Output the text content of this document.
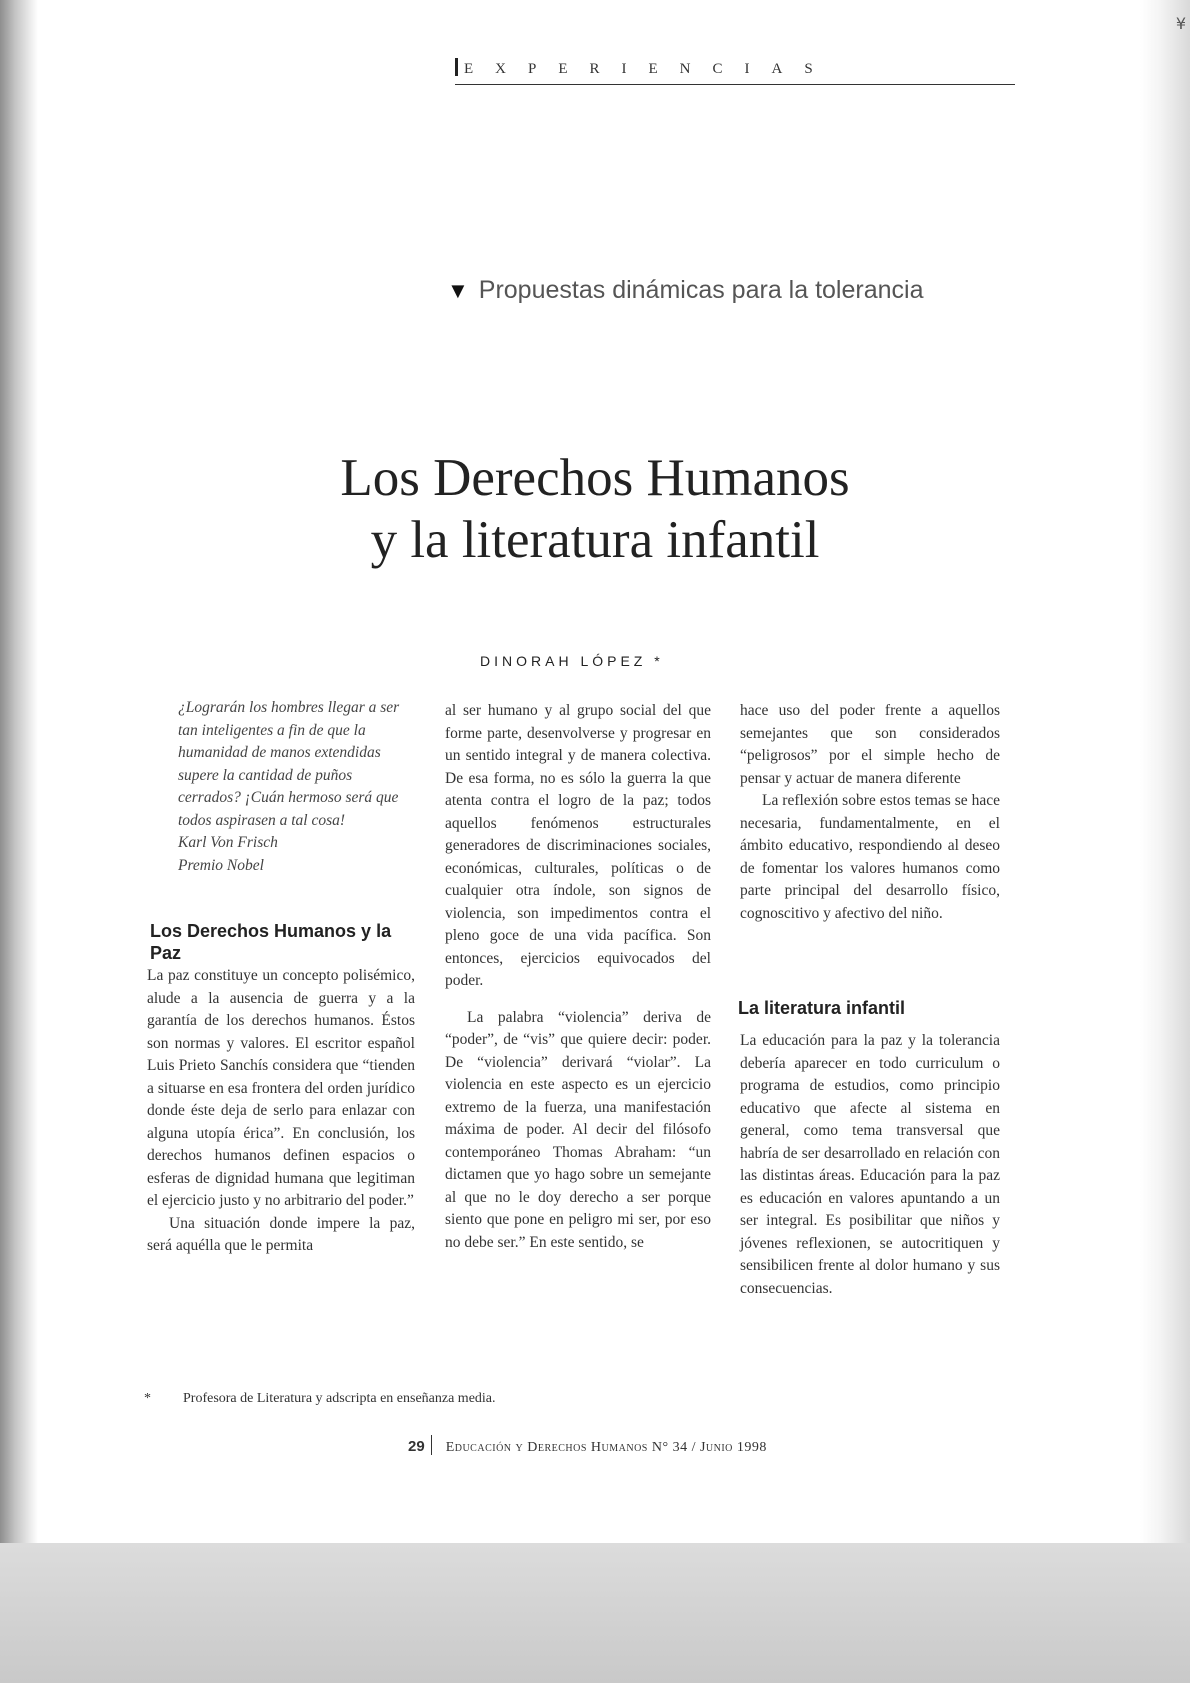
¥
EXPERIENCIAS
▼ Propuestas dinámicas para la tolerancia
Los Derechos Humanos
y la literatura infantil
DINORAH LÓPEZ *

¿Lograrán los hombres llegar a ser tan inteligentes a fin de que la humanidad de manos extendidas supere la cantidad de puños cerrados? ¡Cuán hermoso será que todos aspirasen a tal cosa!

Karl Von Frisch

Premio Nobel

Los Derechos Humanos y la Paz

La paz constituye un concepto polisémico, alude a la ausencia de guerra y a la garantía de los derechos humanos. Éstos son normas y valores. El escritor español Luis Prieto Sanchís considera que “tienden a situarse en esa frontera del orden jurídico donde éste deja de serlo para enlazar con alguna utopía érica”. En conclusión, los derechos humanos definen espacios o esferas de dignidad humana que legitiman el ejercicio justo y no arbitrario del poder.”

Una situación donde impere la paz, será aquélla que le permita

al ser humano y al grupo social del que forme parte, desenvolverse y progresar en un sentido integral y de manera colectiva. De esa forma, no es sólo la guerra la que atenta contra el logro de la paz; todos aquellos fenómenos estructurales generadores de discriminaciones sociales, económicas, culturales, políticas o de cualquier otra índole, son signos de violencia, son impedimentos contra el pleno goce de una vida pacífica. Son entonces, ejercicios equivocados del poder.

La palabra “violencia” deriva de “poder”, de “vis” que quiere decir: poder. De “violencia” derivará “violar”. La violencia en este aspecto es un ejercicio extremo de la fuerza, una manifestación máxima de poder. Al decir del filósofo contemporáneo Thomas Abraham: “un dictamen que yo hago sobre un semejante al que no le doy derecho a ser porque siento que pone en peligro mi ser, por eso no debe ser.” En este sentido, se

hace uso del poder frente a aquellos semejantes que son considerados “peligrosos” por el simple hecho de pensar y actuar de manera diferente

La reflexión sobre estos temas se hace necesaria, fundamentalmente, en el ámbito educativo, respondiendo al deseo de fomentar los valores humanos como parte principal del desarrollo físico, cognoscitivo y afectivo del niño.

La literatura infantil

La educación para la paz y la tolerancia debería aparecer en todo curriculum o programa de estudios, como principio educativo que afecte al sistema en general, como tema transversal que habría de ser desarrollado en relación con las distintas áreas. Educación para la paz es educación en valores apuntando a un ser integral. Es posibilitar que niños y jóvenes reflexionen, se autocritiquen y sensibilicen frente al dolor humano y sus consecuencias.

* Profesora de Literatura y adscripta en enseñanza media.
29 Educación y Derechos Humanos N° 34 / Junio 1998
